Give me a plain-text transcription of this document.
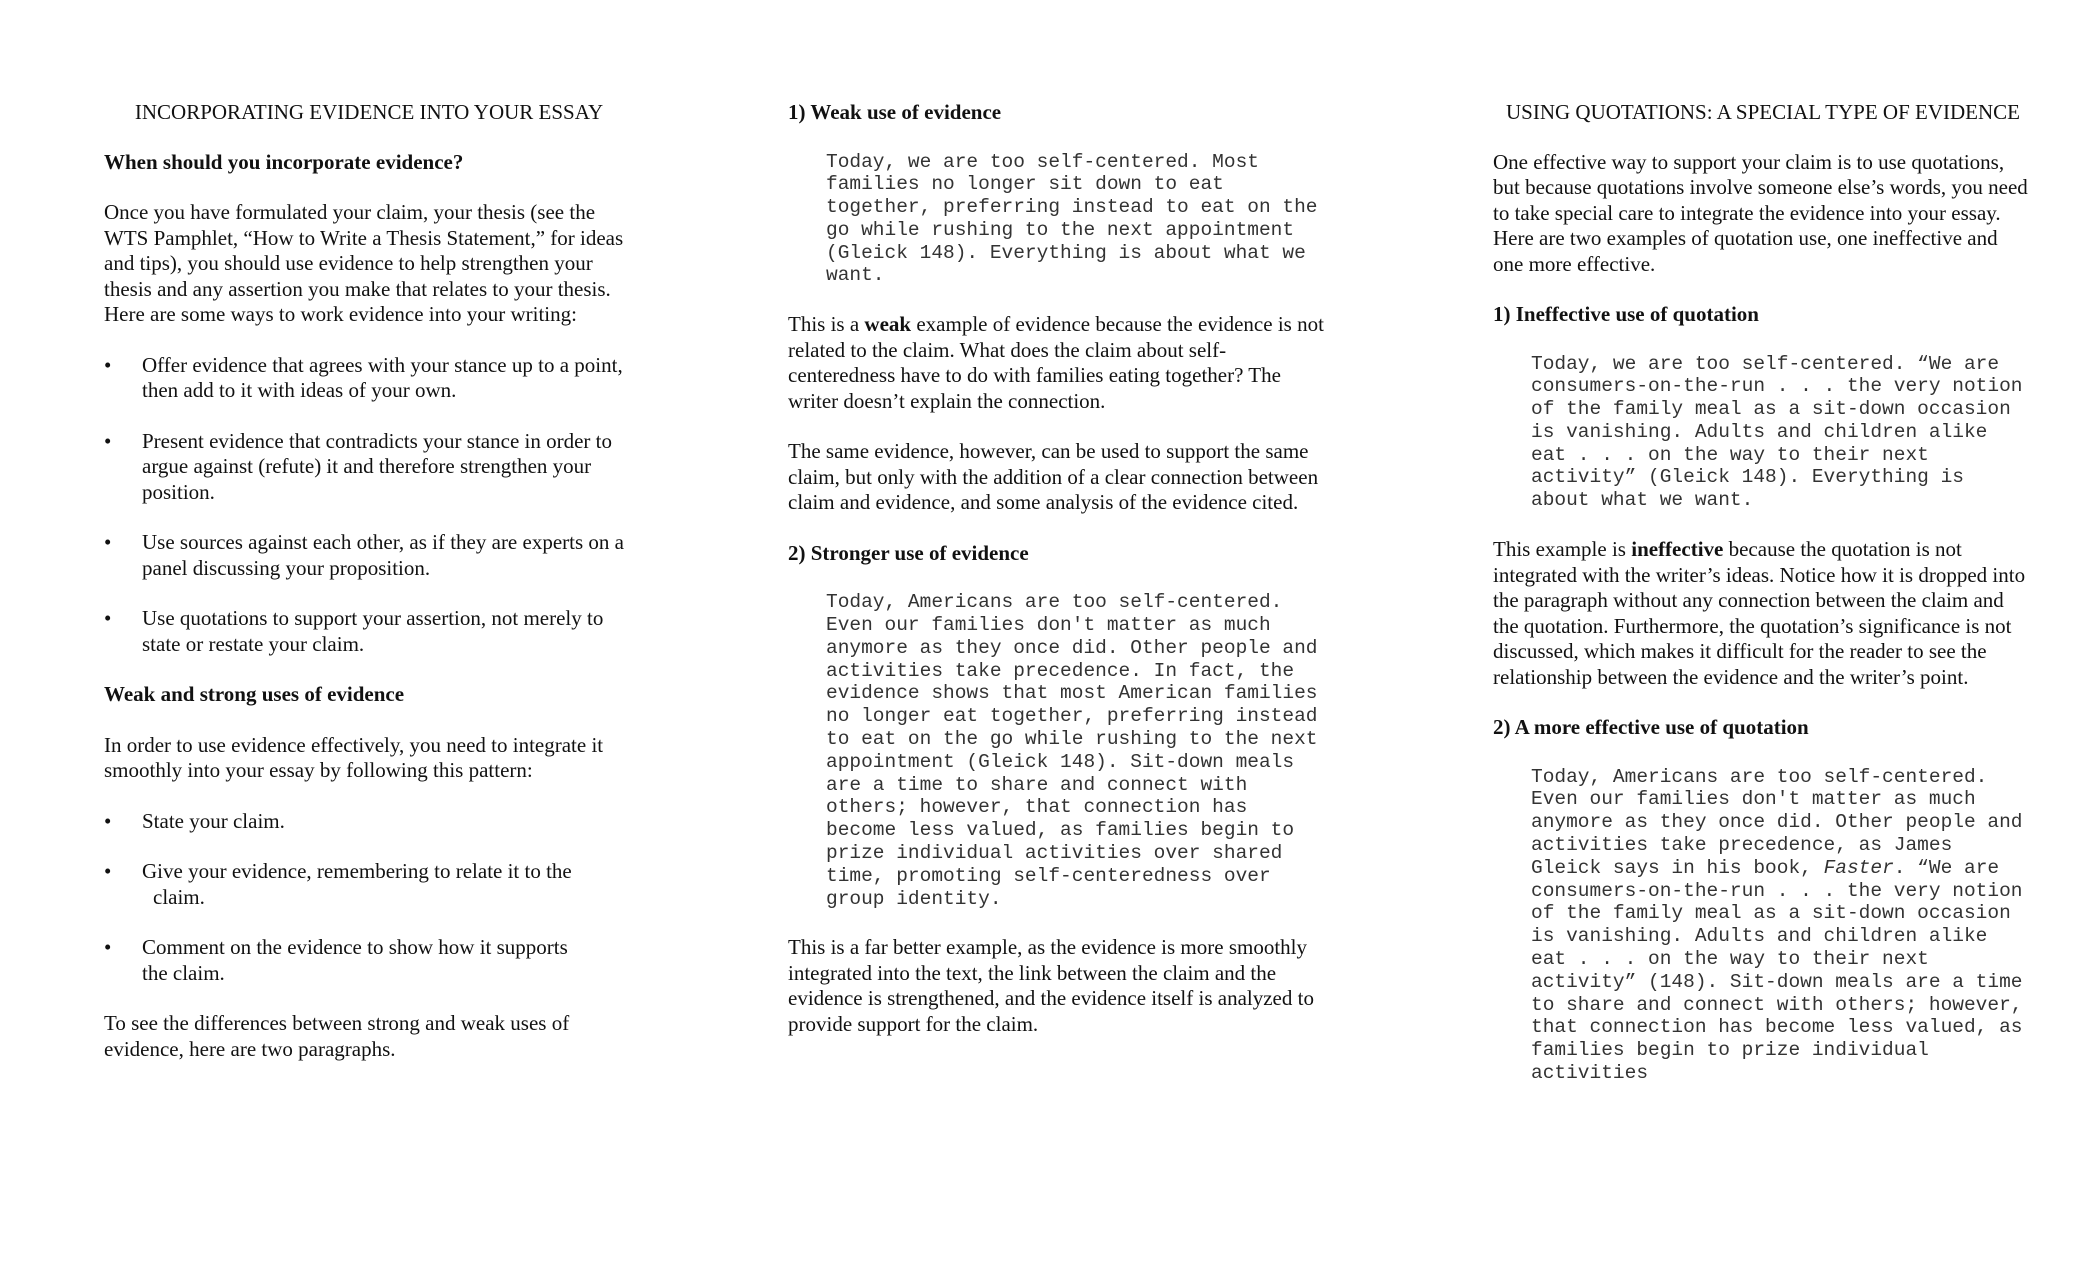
INCORPORATING EVIDENCE INTO YOUR ESSAY
When should you incorporate evidence?

Once you have formulated your claim, your thesis (see the WTS Pamphlet, “How to Write a Thesis Statement,” for ideas and tips), you should use evidence to help strengthen your thesis and any assertion you make that relates to your thesis. Here are some ways to work evidence into your writing:

• Offer evidence that agrees with your stance up to a point, then add to it with ideas of your own.
• Present evidence that contradicts your stance in order to argue against (refute) it and therefore strengthen your position.
• Use sources against each other, as if they are experts on a panel discussing your proposition.
• Use quotations to support your assertion, not merely to state or restate your claim.
Weak and strong uses of evidence

In order to use evidence effectively, you need to integrate it smoothly into your essay by following this pattern:

• State your claim.
• Give your evidence, remembering to relate it to the
claim.
• Comment on the evidence to show how it supports
the claim.

To see the differences between strong and weak uses of evidence, here are two paragraphs.

1) Weak use of evidence
Today, we are too self-centered. Most families no longer sit down to eat together, preferring instead to eat on the go while rushing to the next appointment (Gleick 148). Everything is about what we want.

This is a weak example of evidence because the evidence is not related to the claim. What does the claim about self-centeredness have to do with families eating together? The writer doesn’t explain the connection.

The same evidence, however, can be used to support the same claim, but only with the addition of a clear connection between claim and evidence, and some analysis of the evidence cited.

2) Stronger use of evidence
Today, Americans are too self-centered. Even our families don't matter as much anymore as they once did. Other people and activities take precedence. In fact, the evidence shows that most American families no longer eat together, preferring instead to eat on the go while rushing to the next appointment (Gleick 148). Sit-down meals are a time to share and connect with others; however, that connection has become less valued, as families begin to prize individual activities over shared time, promoting self-centeredness over group identity.

This is a far better example, as the evidence is more smoothly integrated into the text, the link between the claim and the evidence is strengthened, and the evidence itself is analyzed to provide support for the claim.

USING QUOTATIONS: A SPECIAL TYPE OF EVIDENCE

One effective way to support your claim is to use quotations, but because quotations involve someone else’s words, you need to take special care to integrate the evidence into your essay. Here are two examples of quotation use, one ineffective and one more effective.

1) Ineffective use of quotation
Today, we are too self-centered. “We are consumers-on-the-run . . . the very notion of the family meal as a sit-down occasion is vanishing. Adults and children alike eat . . . on the way to their next activity” (Gleick 148). Everything is about what we want.

This example is ineffective because the quotation is not integrated with the writer’s ideas. Notice how it is dropped into the paragraph without any connection between the claim and the quotation. Furthermore, the quotation’s significance is not discussed, which makes it difficult for the reader to see the relationship between the evidence and the writer’s point.

2) A more effective use of quotation
Today, Americans are too self-centered. Even our families don't matter as much anymore as they once did. Other people and activities take precedence, as James Gleick says in his book, Faster. “We are consumers-on-the-run . . . the very notion of the family meal as a sit-down occasion is vanishing. Adults and children alike eat . . . on the way to their next activity” (148). Sit-down meals are a time to share and connect with others; however, that connection has become less valued, as families begin to prize individual activities
